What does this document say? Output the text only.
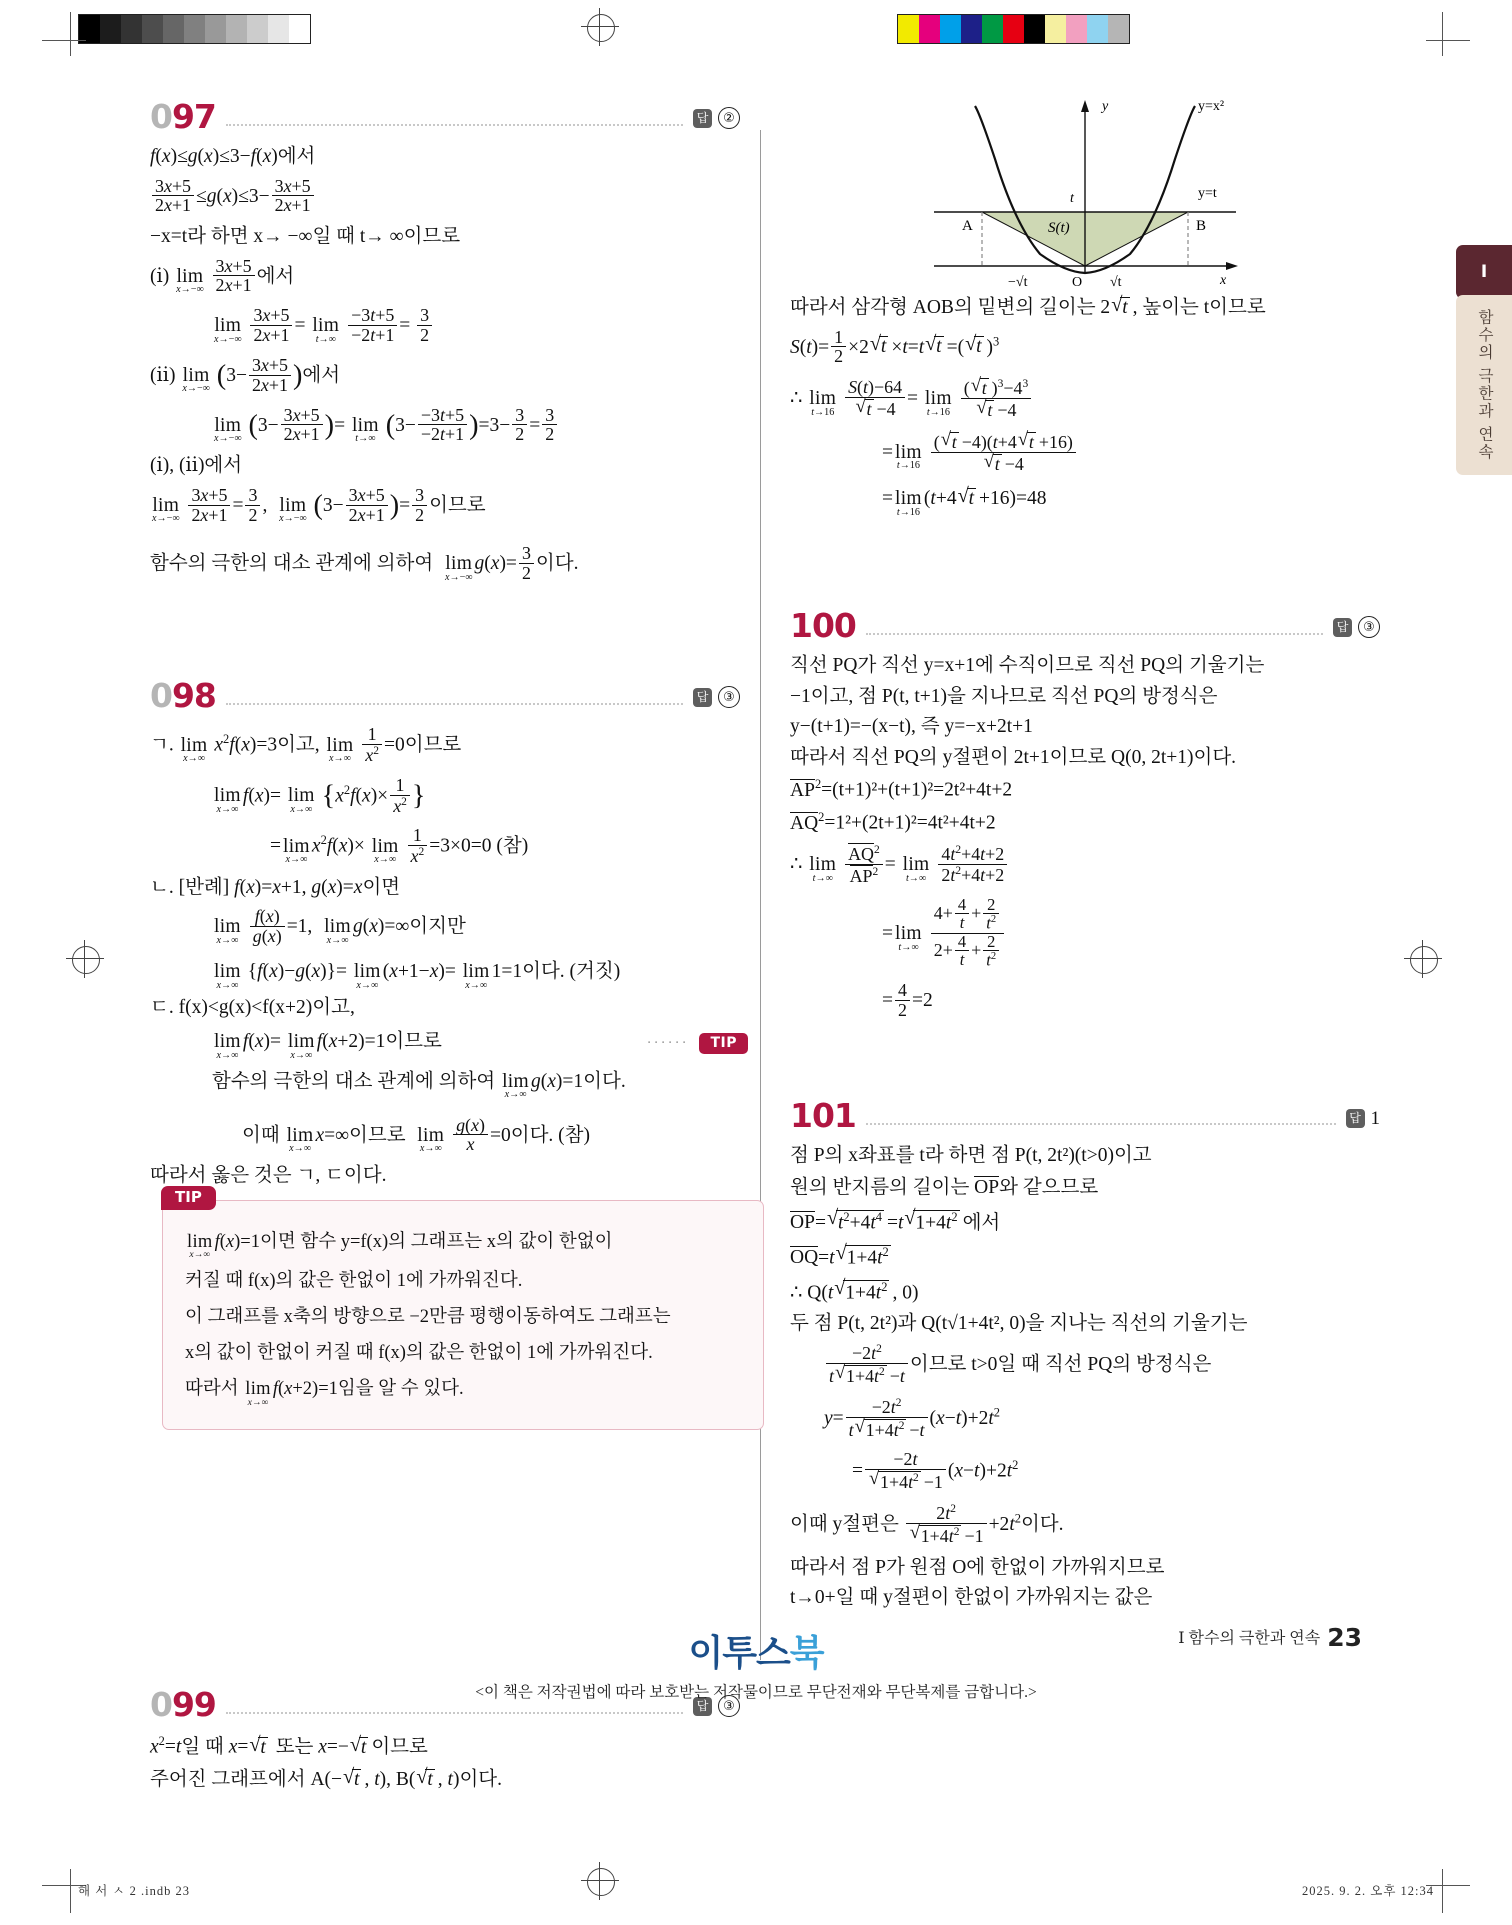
Ⅰ
함수의 극한과 연속
097	답	②

f(x)≤g(x)≤3−f(x)에서

$\frac{3x+5}{2x+1} \le g(x)\le 3- \frac{3x+5}{2x+1}$

−x=t라 하면 x→ −∞일 때 t→ ∞이므로

(ⅰ) lim
x→−∞
$\frac{3x+5}{2x+1}$ 에서

lim
x→−∞
$\frac{3x+5}{2x+1} = \lim$
t→∞
$\frac{-3t+5}{-2t+1} = \frac{3}{2}$

(ⅱ) lim
x→−∞ ($3- \frac{3x+5}{2x+1}$ )에서

lim
x→−∞ ($3- \frac{3x+5}{2x+1}$ )= lim
t→∞ $(3- \frac{-3t+5}{-2t+1} )=3- \frac{3}{2} = \frac{3}{2}$

(ⅰ), (ⅱ)에서

lim
x→−∞
$\frac{3x+5}{2x+1} = \frac{3}{2}$ , lim
x→−∞ ($3- \frac{3x+5}{2x+1}$ )= $\frac{3}{2}$ 이므로

함수의 극한의 대소 관계에 의하여 lim
x→−∞
$g(x)= \frac{3}{2}$ 이다.

098	답	③

ㄱ. lim
x→∞
$x^2f(x)=3$이고, lim
x→∞
$\frac{1}{x^2} =0$이므로

lim
x→∞
f(x)= lim
x→∞ {$x^2f(x)\times \frac{1}{x^2}$ }

= lim
x→∞
$x^2f(x)\times \lim$
x→∞
$\frac{1}{x^2} =3\times 0=0$ (참)

ㄴ. [반례] f(x)=x+1, g(x)=x이면

lim
x→∞
$\frac{f(x)}{g(x)} =1$, lim
x→∞
g(x)=∞이지만

lim
x→∞
{f(x)−g(x)}= lim
x→∞
(x+1−x)= lim
x→∞
1=1이다. (거짓)

ㄷ. f(x)<g(x)<f(x+2)이고,

lim
x→∞
f(x)= lim
x→∞
f(x+2)=1이므로	······ TIP

함수의 극한의 대소 관계에 의하여 lim
x→∞
g(x)=1이다.

이때 lim
x→∞
x=∞이므로 lim
x→∞
$\frac{g(x)}{x} =0$이다. (참)

따라서 옳은 것은 ㄱ, ㄷ이다.

TIP

lim
x→∞
f(x)=1이면 함수 y=f(x)의 그래프는 x의 값이 한없이

커질 때 f(x)의 값은 한없이 1에 가까워진다.

이 그래프를 x축의 방향으로 −2만큼 평행이동하여도 그래프는

x의 값이 한없이 커질 때 f(x)의 값은 한없이 1에 가까워진다.

따라서 lim
x→∞
f(x+2)=1임을 알 수 있다.

099	답	③

$x^2=t$일 때 x= √ t 또는 x=− √ t 이므로

주어진 그래프에서 A(− √ t , t), B( √ t , t)이다.

y
x
y=x²
y=t
t
A	B
S(t)
O
−√t	√t

따라서 삼각형 AOB의 밑변의 길이는 2 √ t , 높이는 t이므로

$S(t)= \frac{1}{2} \times 2$ √ t ×t=t √ t =( √ t )$^3$

∴ lim
t→16
S(t)−64
√ t −4 = lim
t→16
( √ t )$^3-4^3$
√ t −4

= lim
t→16
( √ t −4)(t+4 √ t +16)
√ t −4

= lim
t→16
(t+4 √ t +16)=48

100	답	③

직선 PQ가 직선 y=x+1에 수직이므로 직선 PQ의 기울기는

−1이고, 점 P(t, t+1)을 지나므로 직선 PQ의 방정식은

y−(t+1)=−(x−t), 즉 y=−x+2t+1

따라서 직선 PQ의 y절편이 2t+1이므로 Q(0, 2t+1)이다.

$AP^2=(t+1)^2+(t+1)^2=2t^2+4t+2$

$AQ^2=1^2+(2t+1)^2=4t^2+4t+2$

∴ lim
t→∞
$\frac{AQ^2}{AP^2} = \lim$
t→∞
$\frac{4t^2+4t+2}{2t^2+4t+2}$

= lim
t→∞
$\frac{4+ \frac{4}{t} + \frac{2}{t^2}}{2+ \frac{4}{t} + \frac{2}{t^2}}$

= $\frac{4}{2} =2$

101	답 1

점 P의 x좌표를 t라 하면 점 P(t, 2t²)(t>0)이고

원의 반지름의 길이는 OP와 같으므로

OP= √ $t^2+4t^4 =t$ √ $1+4t^2$ 에서

OQ=t √ $1+4t^2$

∴ Q(t √ $1+4t^2$ , 0)

두 점 P(t, 2t²)과 Q(t√1+4t², 0)을 지나는 직선의 기울기는

$\frac{-2t^2}{t √ 1+4t^2 -t}$ 이므로 t>0일 때 직선 PQ의 방정식은

$y= \frac{-2t^2}{t √ 1+4t^2 -t} (x-t)+2t^2$

= −2t
√ $1+4t^2 -1$ $(x-t)+2t^2$

이때 y절편은 $2t^2$
√ $1+4t^2 -1 +2t^2$이다.

따라서 점 P가 원점 O에 한없이 가까워지므로

t→0+일 때 y절편이 한없이 가까워지는 값은

이투스북
<이 책은 저작권법에 따라 보호받는 저작물이므로 무단전재와 무단복제를 금합니다.>
Ⅰ 함수의 극한과 연속 23
해 서 ㅅ 2 .indb 23	2025. 9. 2. 오후 12:34
